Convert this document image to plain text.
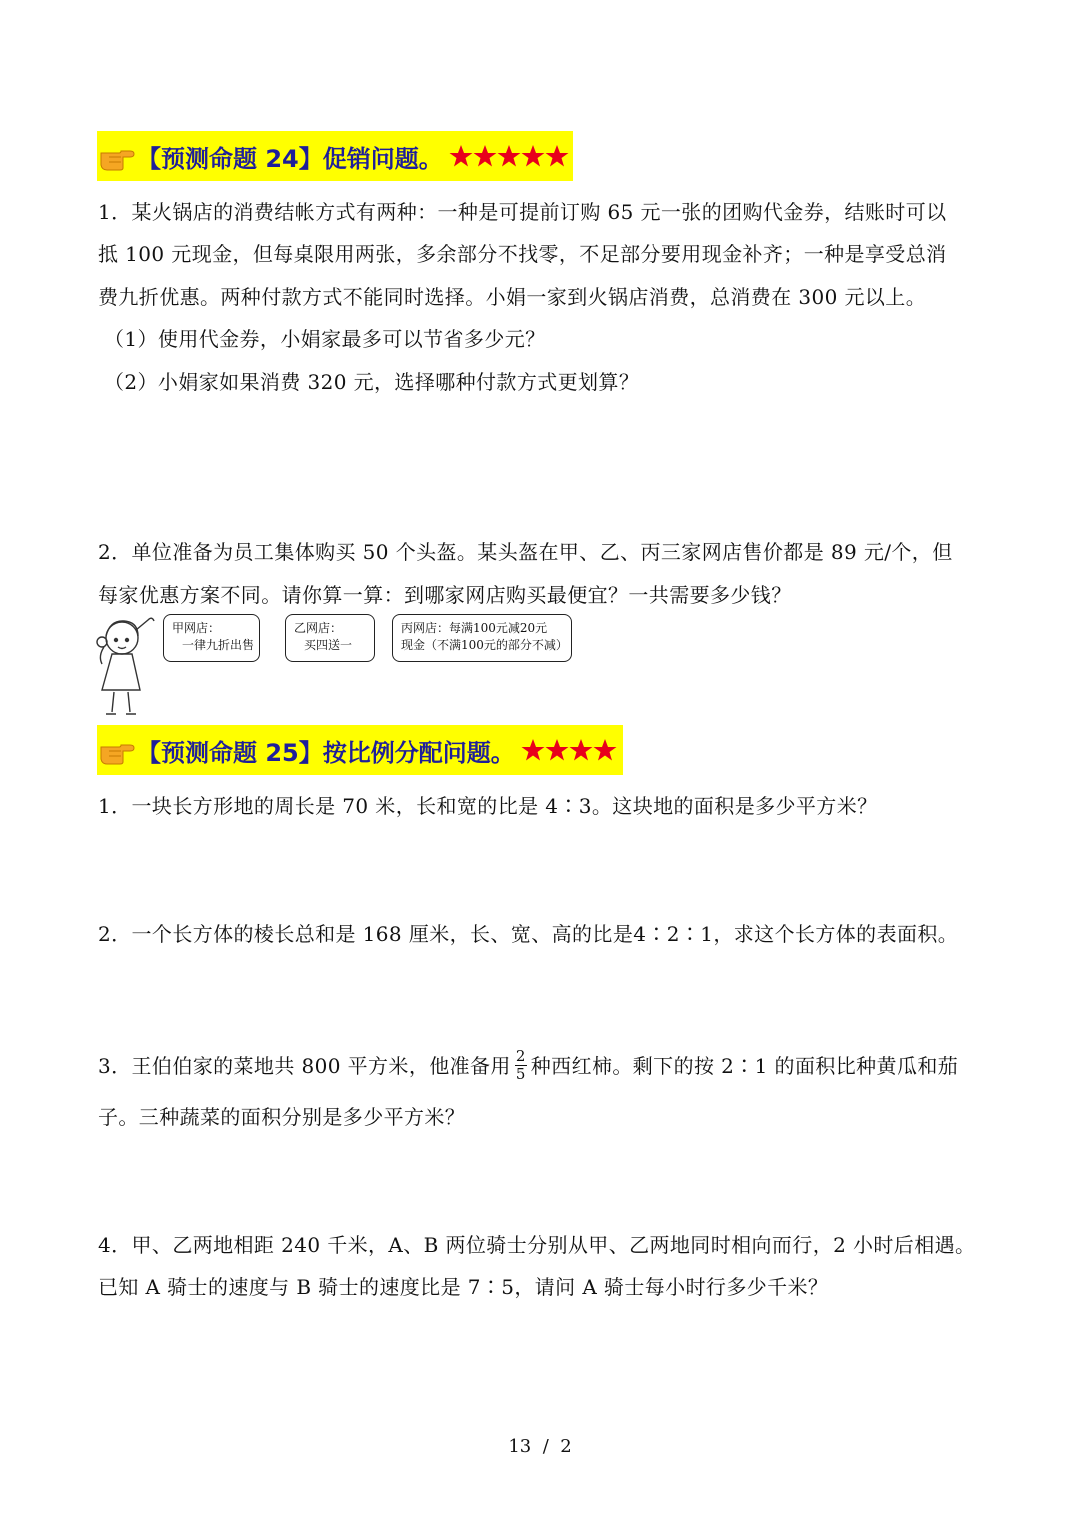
【预测命题 24】促销问题。
1．某火锅店的消费结帐方式有两种：一种是可提前订购 65 元一张的团购代金券，结账时可以
抵 100 元现金，但每桌限用两张，多余部分不找零，不足部分要用现金补齐；一种是享受总消
费九折优惠。两种付款方式不能同时选择。小娟一家到火锅店消费，总消费在 300 元以上。
（1）使用代金券，小娟家最多可以节省多少元？
（2）小娟家如果消费 320 元，选择哪种付款方式更划算？
2．单位准备为员工集体购买 50 个头盔。某头盔在甲、乙、丙三家网店售价都是 89 元/个，但
每家优惠方案不同。请你算一算：到哪家网店购买最便宜？一共需要多少钱？
甲网店：
一律九折出售
乙网店：
买四送一
丙网店：每满100元减20元
现金（不满100元的部分不减）
【预测命题 25】按比例分配问题。
1．一块长方形地的周长是 70 米，长和宽的比是 4∶3。这块地的面积是多少平方米？
2．一个长方体的棱长总和是 168 厘米，长、宽、高的比是4∶2∶1，求这个长方体的表面积。
3．王伯伯家的菜地共 800 平方米，他准备用 $\frac{2}{5}$ 种西红柿。剩下的按 2∶1 的面积比种黄瓜和茄
子。三种蔬菜的面积分别是多少平方米？
4．甲、乙两地相距 240 千米，A、B 两位骑士分别从甲、乙两地同时相向而行，2 小时后相遇。
已知 A 骑士的速度与 B 骑士的速度比是 7∶5，请问 A 骑士每小时行多少千米？
13  /  2
